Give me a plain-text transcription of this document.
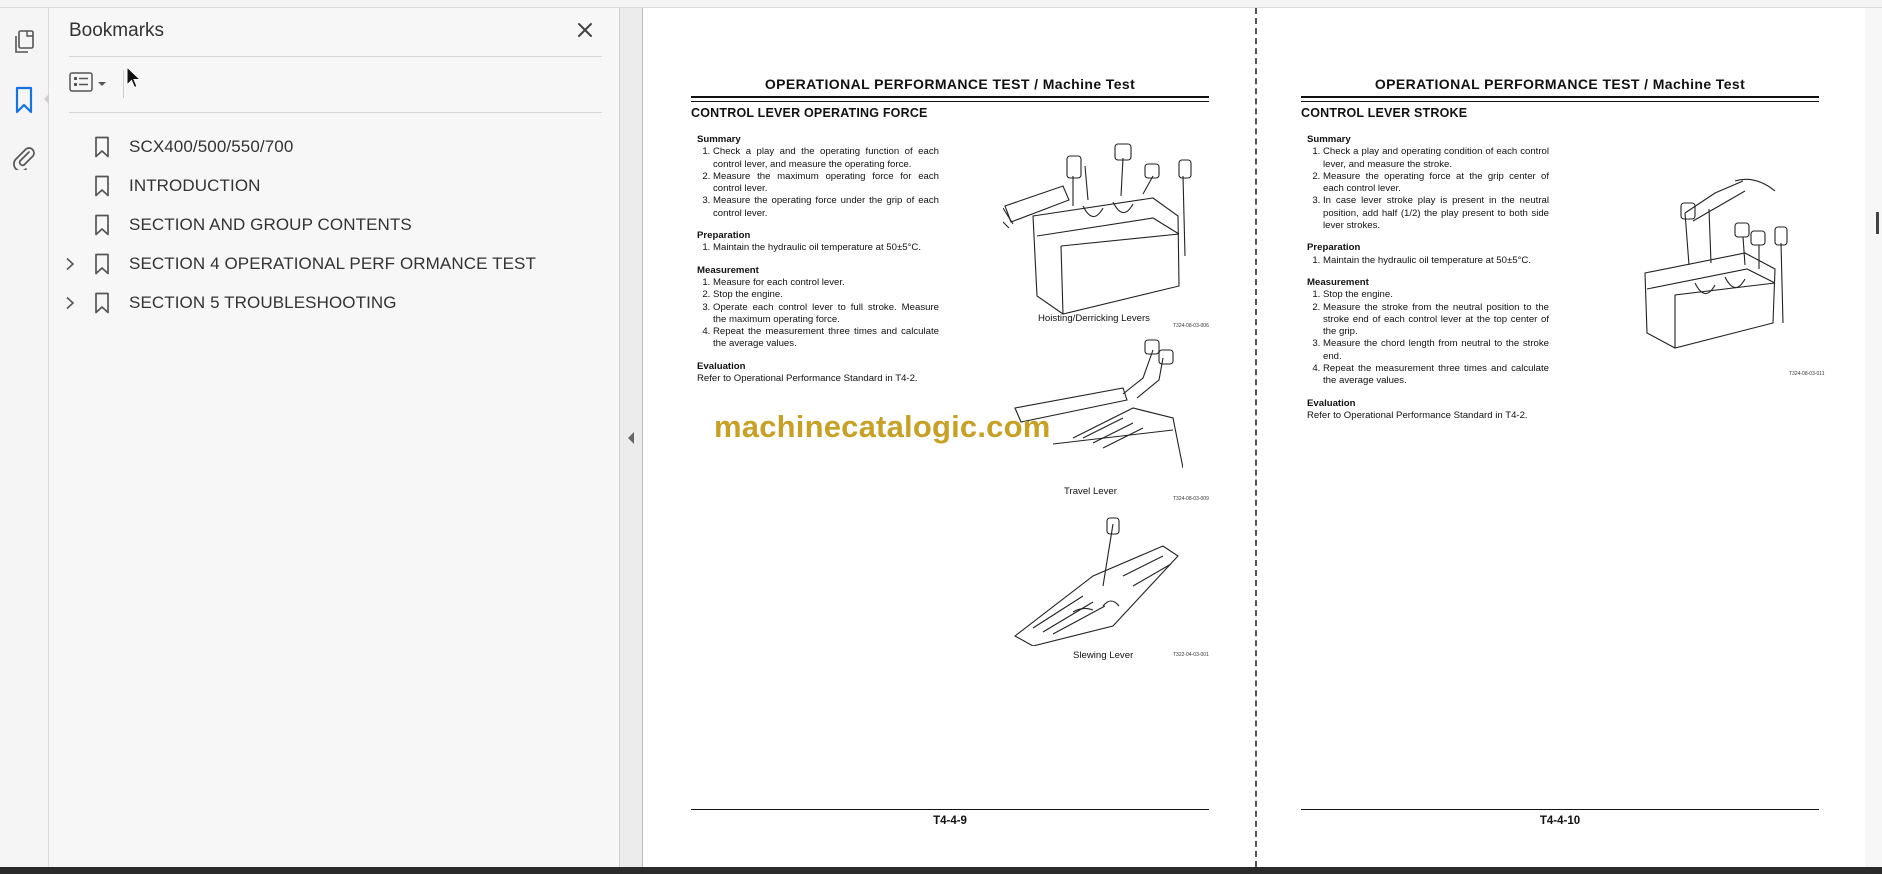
Bookmarks
SCX400/500/550/700
INTRODUCTION
SECTION AND GROUP CONTENTS
SECTION 4 OPERATIONAL PERF ORMANCE TEST
SECTION 5 TROUBLESHOOTING
OPERATIONAL PERFORMANCE TEST / Machine Test
CONTROL LEVER OPERATING FORCE
Summary
1. Check a play and the operating function of each control lever, and measure the operating force.
2. Measure the maximum operating force for each control lever.
3. Measure the operating force under the grip of each control lever.
Preparation
1. Maintain the hydraulic oil temperature at 50±5°C.
Measurement
1. Measure for each control lever.
2. Stop the engine.
3. Operate each control lever to full stroke. Measure the maximum operating force.
4. Repeat the measurement three times and calculate the average values.
Evaluation

Refer to Operational Performance Standard in T4-2.

Hoisting/Derricking Levers
T324-08-03-006
Travel Lever
T324-08-03-009
Slewing Lever	T322-04-03-001
T4-4-9
OPERATIONAL PERFORMANCE TEST / Machine Test
CONTROL LEVER STROKE
Summary
1. Check a play and operating condition of each control lever, and measure the stroke.
2. Measure the operating force at the grip center of each control lever.
3. In case lever stroke play is present in the neutral position, add half (1/2) the play present to both side lever strokes.
Preparation
1. Maintain the hydraulic oil temperature at 50±5°C.
Measurement
1. Stop the engine.
2. Measure the stroke from the neutral position to the stroke end of each control lever at the top center of the grip.
3. Measure the chord length from neutral to the stroke end.
4. Repeat the measurement three times and calculate the average values.
Evaluation

Refer to Operational Performance Standard in T4-2.

T324-08-03-011
T4-4-10
machinecatalogic.com
